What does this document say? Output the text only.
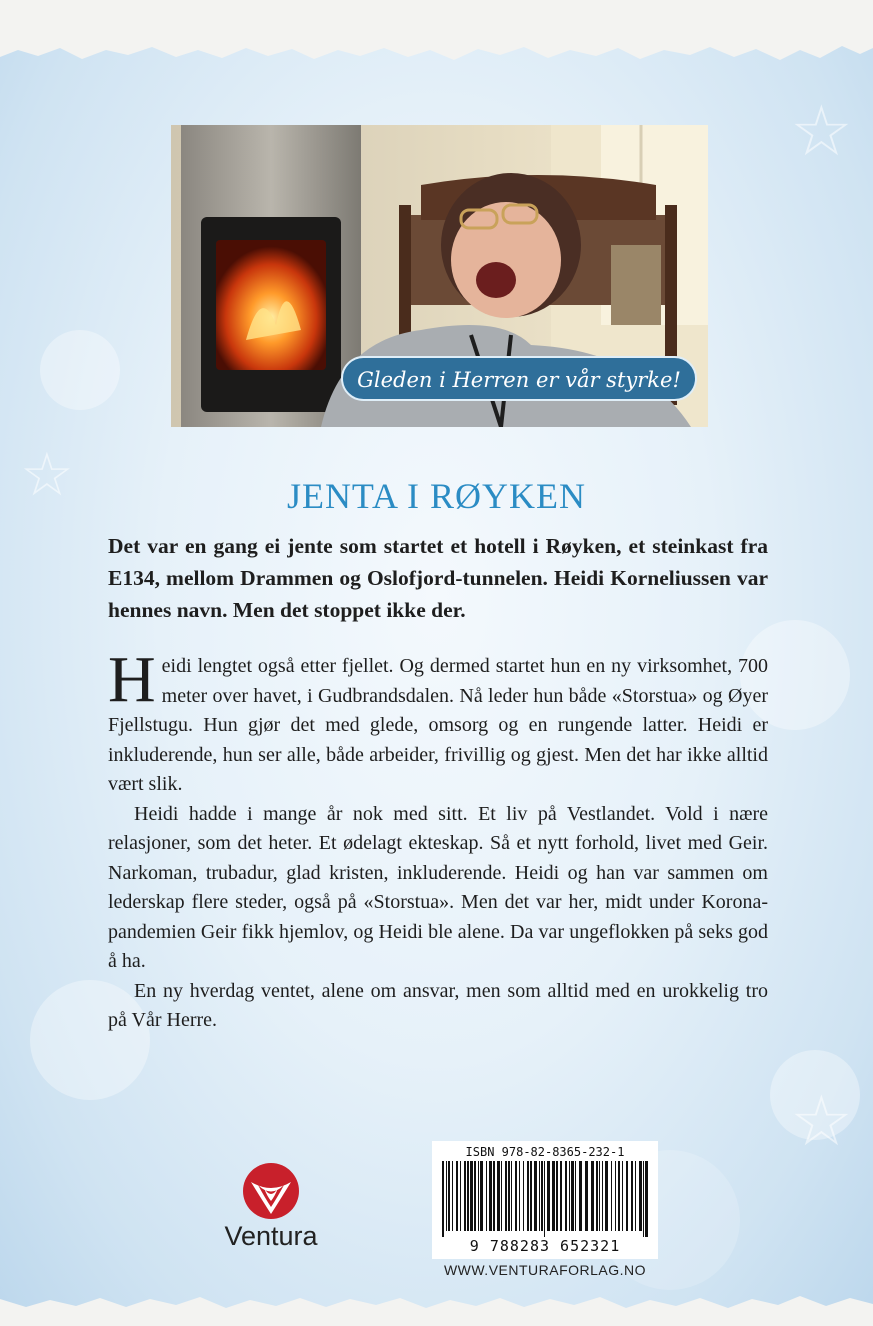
☆
☆
☆
Gleden i Herren er vår styrke!
JENTA I RØYKEN
Det var en gang ei jente som startet et hotell i Røyken, et steinkast fra E134, mellom Drammen og Oslofjord-tunnelen. Heidi Korneliussen var hennes navn. Men det stoppet ikke der.

Heidi lengtet også etter fjellet. Og dermed startet hun en ny virksomhet, 700 meter over havet, i Gudbrandsdalen. Nå leder hun både «Storstua» og Øyer Fjellstugu. Hun gjør det med glede, omsorg og en rungende latter. Heidi er inkluderende, hun ser alle, både arbeider, frivillig og gjest. Men det har ikke alltid vært slik.

Heidi hadde i mange år nok med sitt. Et liv på Vestlandet. Vold i nære relasjoner, som det heter. Et ødelagt ekteskap. Så et nytt forhold, livet med Geir. Narkoman, trubadur, glad kristen, inkluderende. Heidi og han var sammen om lederskap flere steder, også på «Storstua». Men det var her, midt under Korona-pandemien Geir fikk hjemlov, og Heidi ble alene. Da var ungeflokken på seks god å ha.

En ny hverdag ventet, alene om ansvar, men som alltid med en urokkelig tro på Vår Herre.

Ventura
ISBN 978-82-8365-232-1
9 788283 652321
WWW.VENTURAFORLAG.NO
